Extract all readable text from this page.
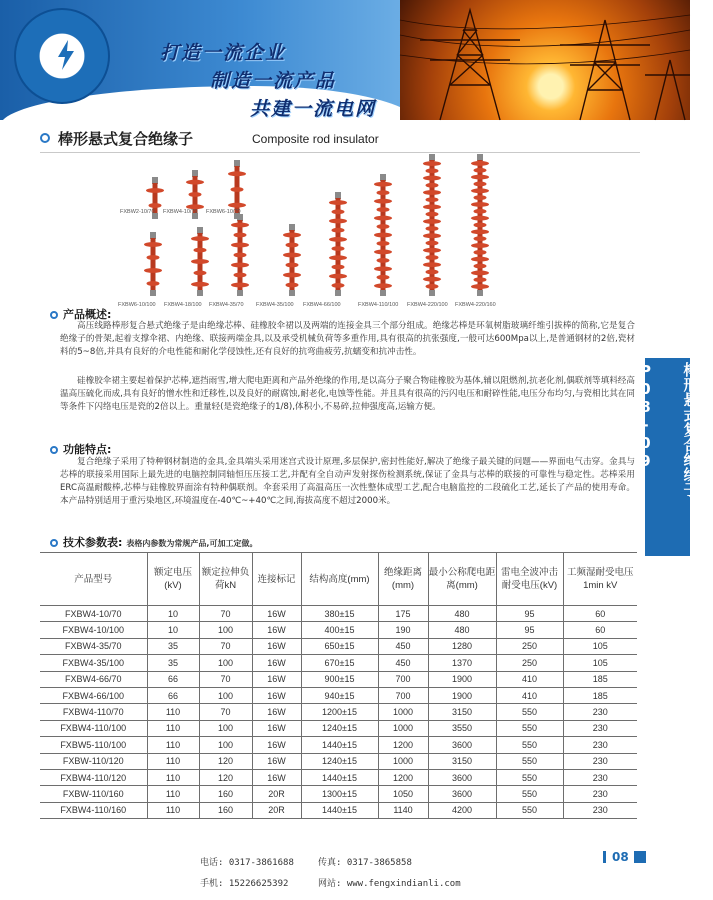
打造一流企业
制造一流产品
共建一流电网
棒形悬式复合绝缘子	Composite rod insulator
FXBW2-10/70 FXBW4-10/70 FXBW6-10/70
FXBW6-10/100 FXBW4-18/100 FXBW4-35/70 FXBW4-35/100 FXBW4-66/100	FXBW4-110/100 FXBW4-220/100 FXBW4-220/160
棒形悬式复合绝缘子P08-09
产品概述:
高压线路棒形复合悬式绝缘子是由绝缘芯棒、硅橡胶伞裙以及两端的连接金具三个部分组成。绝缘芯棒是环氧树脂玻璃纤维引拔棒的简称,它是复合绝缘子的骨架,起着支撑伞裙、内绝缘、联接两端金具,以及承受机械负荷等多重作用,具有很高的抗张强度,一般可达600Mpa以上,是普通钢材的2倍,瓷材料的5~8倍,并具有良好的介电性能和耐化学侵蚀性,还有良好的抗弯曲疲劳,抗蠕变和抗冲击性。
硅橡胶伞裙主要起着保护芯棒,遮挡雨雪,增大爬电距离和产品外绝缘的作用,是以高分子聚合物硅橡胶为基体,辅以阻燃剂,抗老化剂,偶联剂等填料经高温高压硫化而成,具有良好的憎水性和迁移性,以及良好的耐腐蚀,耐老化,电蚀等性能。并且具有很高的污闪电压和耐碎性能,电压分布均匀,与瓷相比其在同等条件下闪络电压是瓷的2倍以上。重量轻(是瓷绝缘子的1/8),体积小,不易碎,拉伸强度高,运输方便。
功能特点:
复合绝缘子采用了特种钢材制造的金具,金具端头采用迷宫式设计原理,多层保护,密封性能好,解决了绝缘子最关键的问题——界面电气击穿。金具与芯棒的联接采用国际上最先进的电脑控制同轴恒压压接工艺,并配有全自动声发射探伤检测系统,保证了金具与芯棒的联接的可靠性与稳定性。芯棒采用ERC高温耐酸棒,芯棒与硅橡胶界面涂有特种偶联剂。伞套采用了高温高压一次性整体成型工艺,配合电脑监控的二段硫化工艺,延长了产品的使用寿命。本产品特别适用于重污染地区,环境温度在-40℃~+40℃之间,海拔高度不超过2000米。
技术参数表: 表格内参数为常规产品,可加工定做。
产品型号	额定电压(kV)	额定拉伸负荷kN	连接标记	结构高度(mm)	绝缘距离(mm)	最小公称爬电距离(mm)	雷电全波冲击耐受电压(kV)	工频湿耐受电压 1min kV
FXBW4-10/70	10	70	16W	380±15	175	480	95	60
FXBW4-10/100	10	100	16W	400±15	190	480	95	60
FXBW4-35/70	35	70	16W	650±15	450	1280	250	105
FXBW4-35/100	35	100	16W	670±15	450	1370	250	105
FXBW4-66/70	66	70	16W	900±15	700	1900	410	185
FXBW4-66/100	66	100	16W	940±15	700	1900	410	185
FXBW4-110/70	110	70	16W	1200±15	1000	3150	550	230
FXBW4-110/100	110	100	16W	1240±15	1000	3550	550	230
FXBW5-110/100	110	100	16W	1440±15	1200	3600	550	230
FXBW-110/120	110	120	16W	1240±15	1000	3150	550	230
FXBW4-110/120	110	120	16W	1440±15	1200	3600	550	230
FXBW-110/160	110	160	20R	1300±15	1050	3600	550	230
FXBW4-110/160	110	160	20R	1440±15	1140	4200	550	230
电话: 0317-3861688	传真: 0317-3865858
手机: 15226625392	网站: www.fengxindianli.com
08
